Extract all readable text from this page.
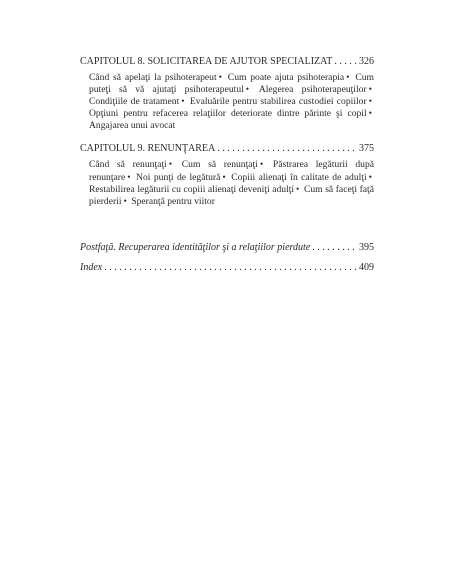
CAPITOLUL 8. SOLICITAREA DE AJUTOR SPECIALIZAT . . .	326
Când să apelaţi la psihoterapeut • Cum poate ajuta psihoterapia • Cum puteţi să vă ajutaţi psihoterapeutul • Alegerea psihoterapeuţilor • Condiţiile de tratament • Evaluările pentru stabilirea custodiei copiilor • Opţiuni pentru refacerea relaţiilor deteriorate dintre părinte şi copil • Angajarea unui avocat
CAPITOLUL 9. RENUNŢAREA . . .	375
Când să renunţaţi • Cum să renunţaţi • Păstrarea legăturii după renunţare • Noi punţi de legătură • Copiii alienaţi în calitate de adulţi • Restabilirea legăturii cu copiii alienaţi deveniţi adulţi • Cum să faceţi faţă pierderii • Speranţă pentru viitor
Postfaţă. Recuperarea identităţilor şi a relaţiilor pierdute . . .	395
Index . . .	409
